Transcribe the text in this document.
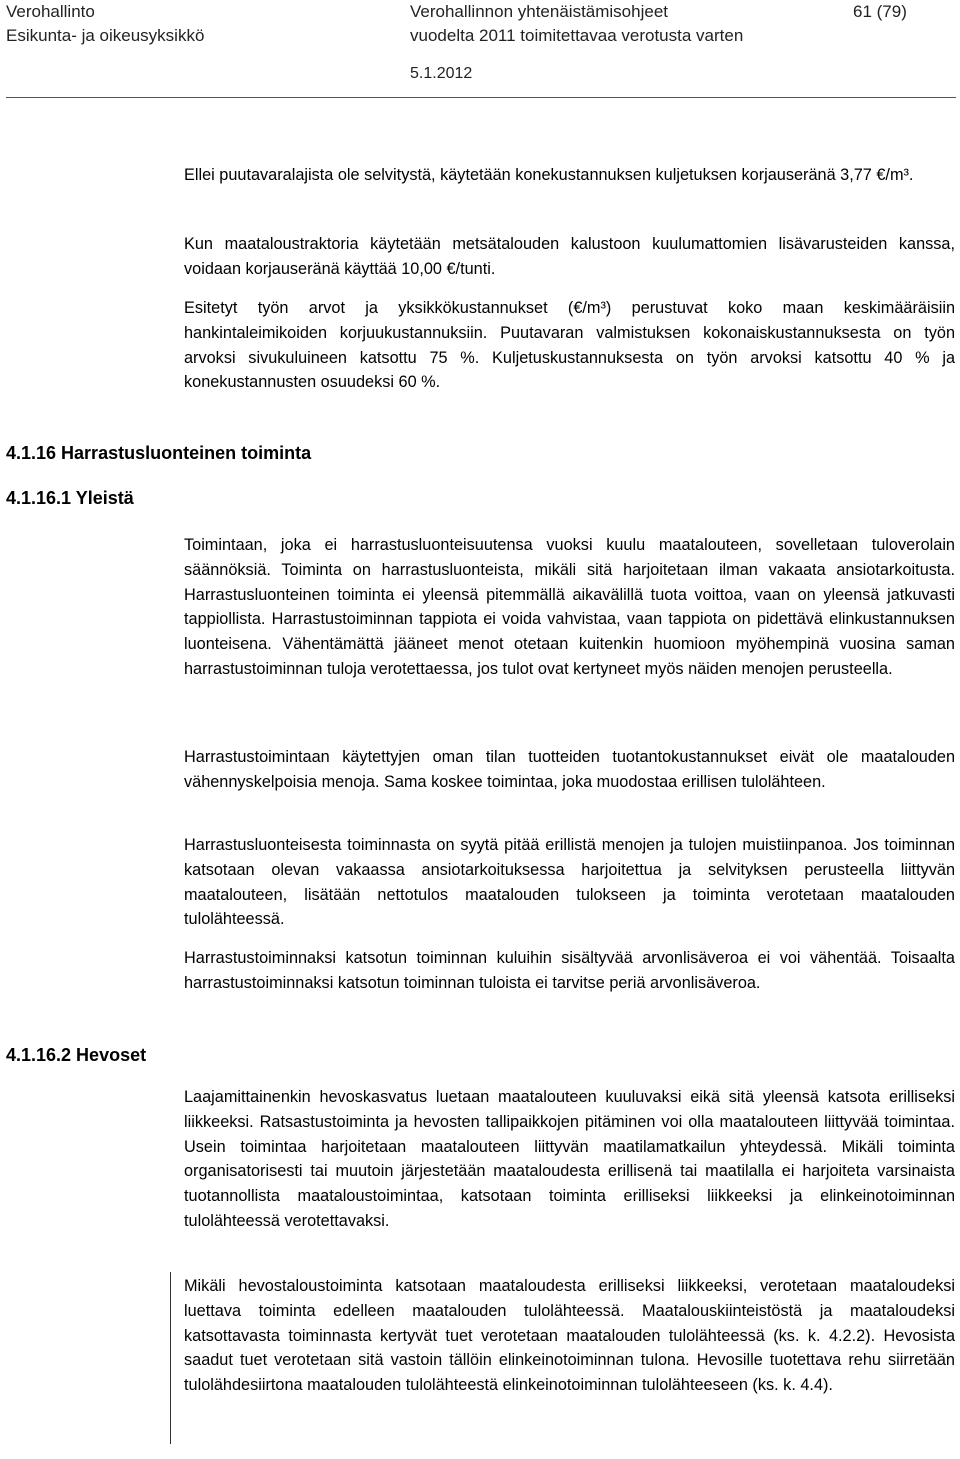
Verohallinto
Esikunta- ja oikeusyksikkö
Verohallinnon yhtenäistämisohjeet
vuodelta 2011 toimitettavaa verotusta varten
5.1.2012
61 (79)

Ellei puutavaralajista ole selvitystä, käytetään konekustannuksen kuljetuksen korjauseränä 3,77 €/m³.

Kun maataloustraktoria käytetään metsätalouden kalustoon kuulumattomien lisävarusteiden kanssa, voidaan korjauseränä käyttää 10,00 €/tunti.

Esitetyt työn arvot ja yksikkökustannukset (€/m³) perustuvat koko maan keskimääräisiin hankintaleimikoiden korjuukustannuksiin. Puutavaran valmistuksen kokonaiskustannuksesta on työn arvoksi sivukuluineen katsottu 75 %. Kuljetuskustannuksesta on työn arvoksi katsottu 40 % ja konekustannusten osuudeksi 60 %.

4.1.16 Harrastusluonteinen toiminta
4.1.16.1 Yleistä

Toimintaan, joka ei harrastusluonteisuutensa vuoksi kuulu maatalouteen, sovelletaan tuloverolain säännöksiä. Toiminta on harrastusluonteista, mikäli sitä harjoitetaan ilman vakaata ansiotarkoitusta. Harrastusluonteinen toiminta ei yleensä pitemmällä aikavälillä tuota voittoa, vaan on yleensä jatkuvasti tappiollista. Harrastustoiminnan tappiota ei voida vahvistaa, vaan tappiota on pidettävä elinkustannuksen luonteisena. Vähentämättä jääneet menot otetaan kuitenkin huomioon myöhempinä vuosina saman harrastustoiminnan tuloja verotettaessa, jos tulot ovat kertyneet myös näiden menojen perusteella.

Harrastustoimintaan käytettyjen oman tilan tuotteiden tuotantokustannukset eivät ole maatalouden vähennyskelpoisia menoja. Sama koskee toimintaa, joka muodostaa erillisen tulolähteen.

Harrastusluonteisesta toiminnasta on syytä pitää erillistä menojen ja tulojen muistiinpanoa. Jos toiminnan katsotaan olevan vakaassa ansiotarkoituksessa harjoitettua ja selvityksen perusteella liittyvän maatalouteen, lisätään nettotulos maatalouden tulokseen ja toiminta verotetaan maatalouden tulolähteessä.

Harrastustoiminnaksi katsotun toiminnan kuluihin sisältyvää arvonlisäveroa ei voi vähentää. Toisaalta harrastustoiminnaksi katsotun toiminnan tuloista ei tarvitse periä arvonlisäveroa.

4.1.16.2 Hevoset

Laajamittainenkin hevoskasvatus luetaan maatalouteen kuuluvaksi eikä sitä yleensä katsota erilliseksi liikkeeksi. Ratsastustoiminta ja hevosten tallipaikkojen pitäminen voi olla maatalouteen liittyvää toimintaa. Usein toimintaa harjoitetaan maatalouteen liittyvän maatilamatkailun yhteydessä. Mikäli toiminta organisatorisesti tai muutoin järjestetään maataloudesta erillisenä tai maatilalla ei harjoiteta varsinaista tuotannollista maataloustoimintaa, katsotaan toiminta erilliseksi liikkeeksi ja elinkeinotoiminnan tulolähteessä verotettavaksi.

Mikäli hevostaloustoiminta katsotaan maataloudesta erilliseksi liikkeeksi, verotetaan maataloudeksi luettava toiminta edelleen maatalouden tulolähteessä. Maatalouskiinteistöstä ja maataloudeksi katsottavasta toiminnasta kertyvät tuet verotetaan maatalouden tulolähteessä (ks. k. 4.2.2). Hevosista saadut tuet verotetaan sitä vastoin tällöin elinkeinotoiminnan tulona. Hevosille tuotettava rehu siirretään tulolähdesiirtona maatalouden tulolähteestä elinkeinotoiminnan tulolähteeseen (ks. k. 4.4).
